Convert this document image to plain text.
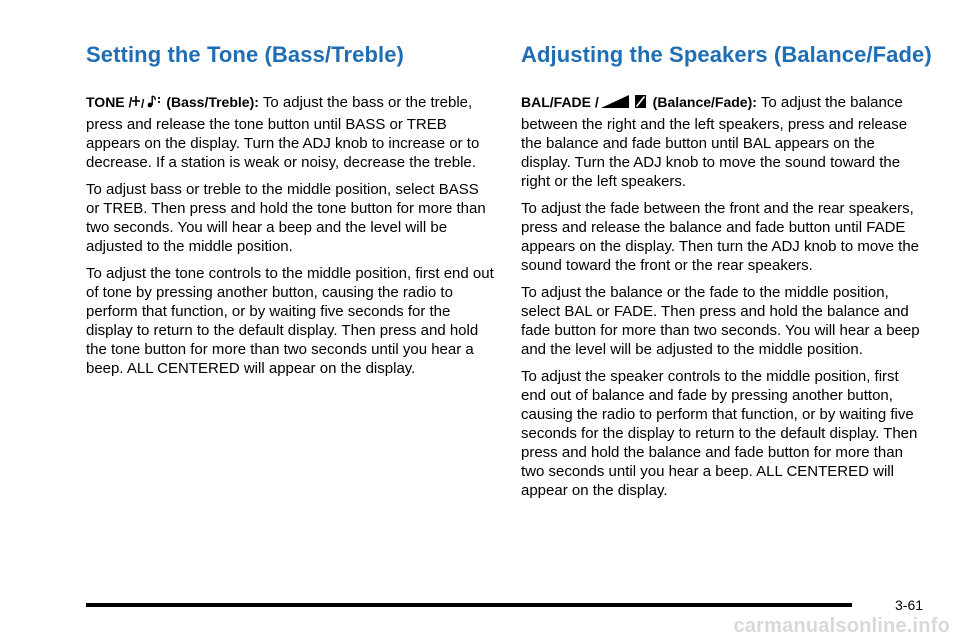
Setting the Tone (Bass/Treble)

TONE / / (Bass/Treble): To adjust the bass or the treble, press and release the tone button until BASS or TREB appears on the display. Turn the ADJ knob to increase or to decrease. If a station is weak or noisy, decrease the treble.

To adjust bass or treble to the middle position, select BASS or TREB. Then press and hold the tone button for more than two seconds. You will hear a beep and the level will be adjusted to the middle position.

To adjust the tone controls to the middle position, first end out of tone by pressing another button, causing the radio to perform that function, or by waiting five seconds for the display to return to the default display. Then press and hold the tone button for more than two seconds until you hear a beep. ALL CENTERED will appear on the display.

Adjusting the Speakers (Balance/Fade)

BAL/FADE /	(Balance/Fade): To adjust the balance between the right and the left speakers, press and release the balance and fade button until BAL appears on the display. Turn the ADJ knob to move the sound toward the right or the left speakers.

To adjust the fade between the front and the rear speakers, press and release the balance and fade button until FADE appears on the display. Then turn the ADJ knob to move the sound toward the front or the rear speakers.

To adjust the balance or the fade to the middle position, select BAL or FADE. Then press and hold the balance and fade button for more than two seconds. You will hear a beep and the level will be adjusted to the middle position.

To adjust the speaker controls to the middle position, first end out of balance and fade by pressing another button, causing the radio to perform that function, or by waiting five seconds for the display to return to the default display. Then press and hold the balance and fade button for more than two seconds until you hear a beep. ALL CENTERED will appear on the display.

3-61
carmanualsonline.info
